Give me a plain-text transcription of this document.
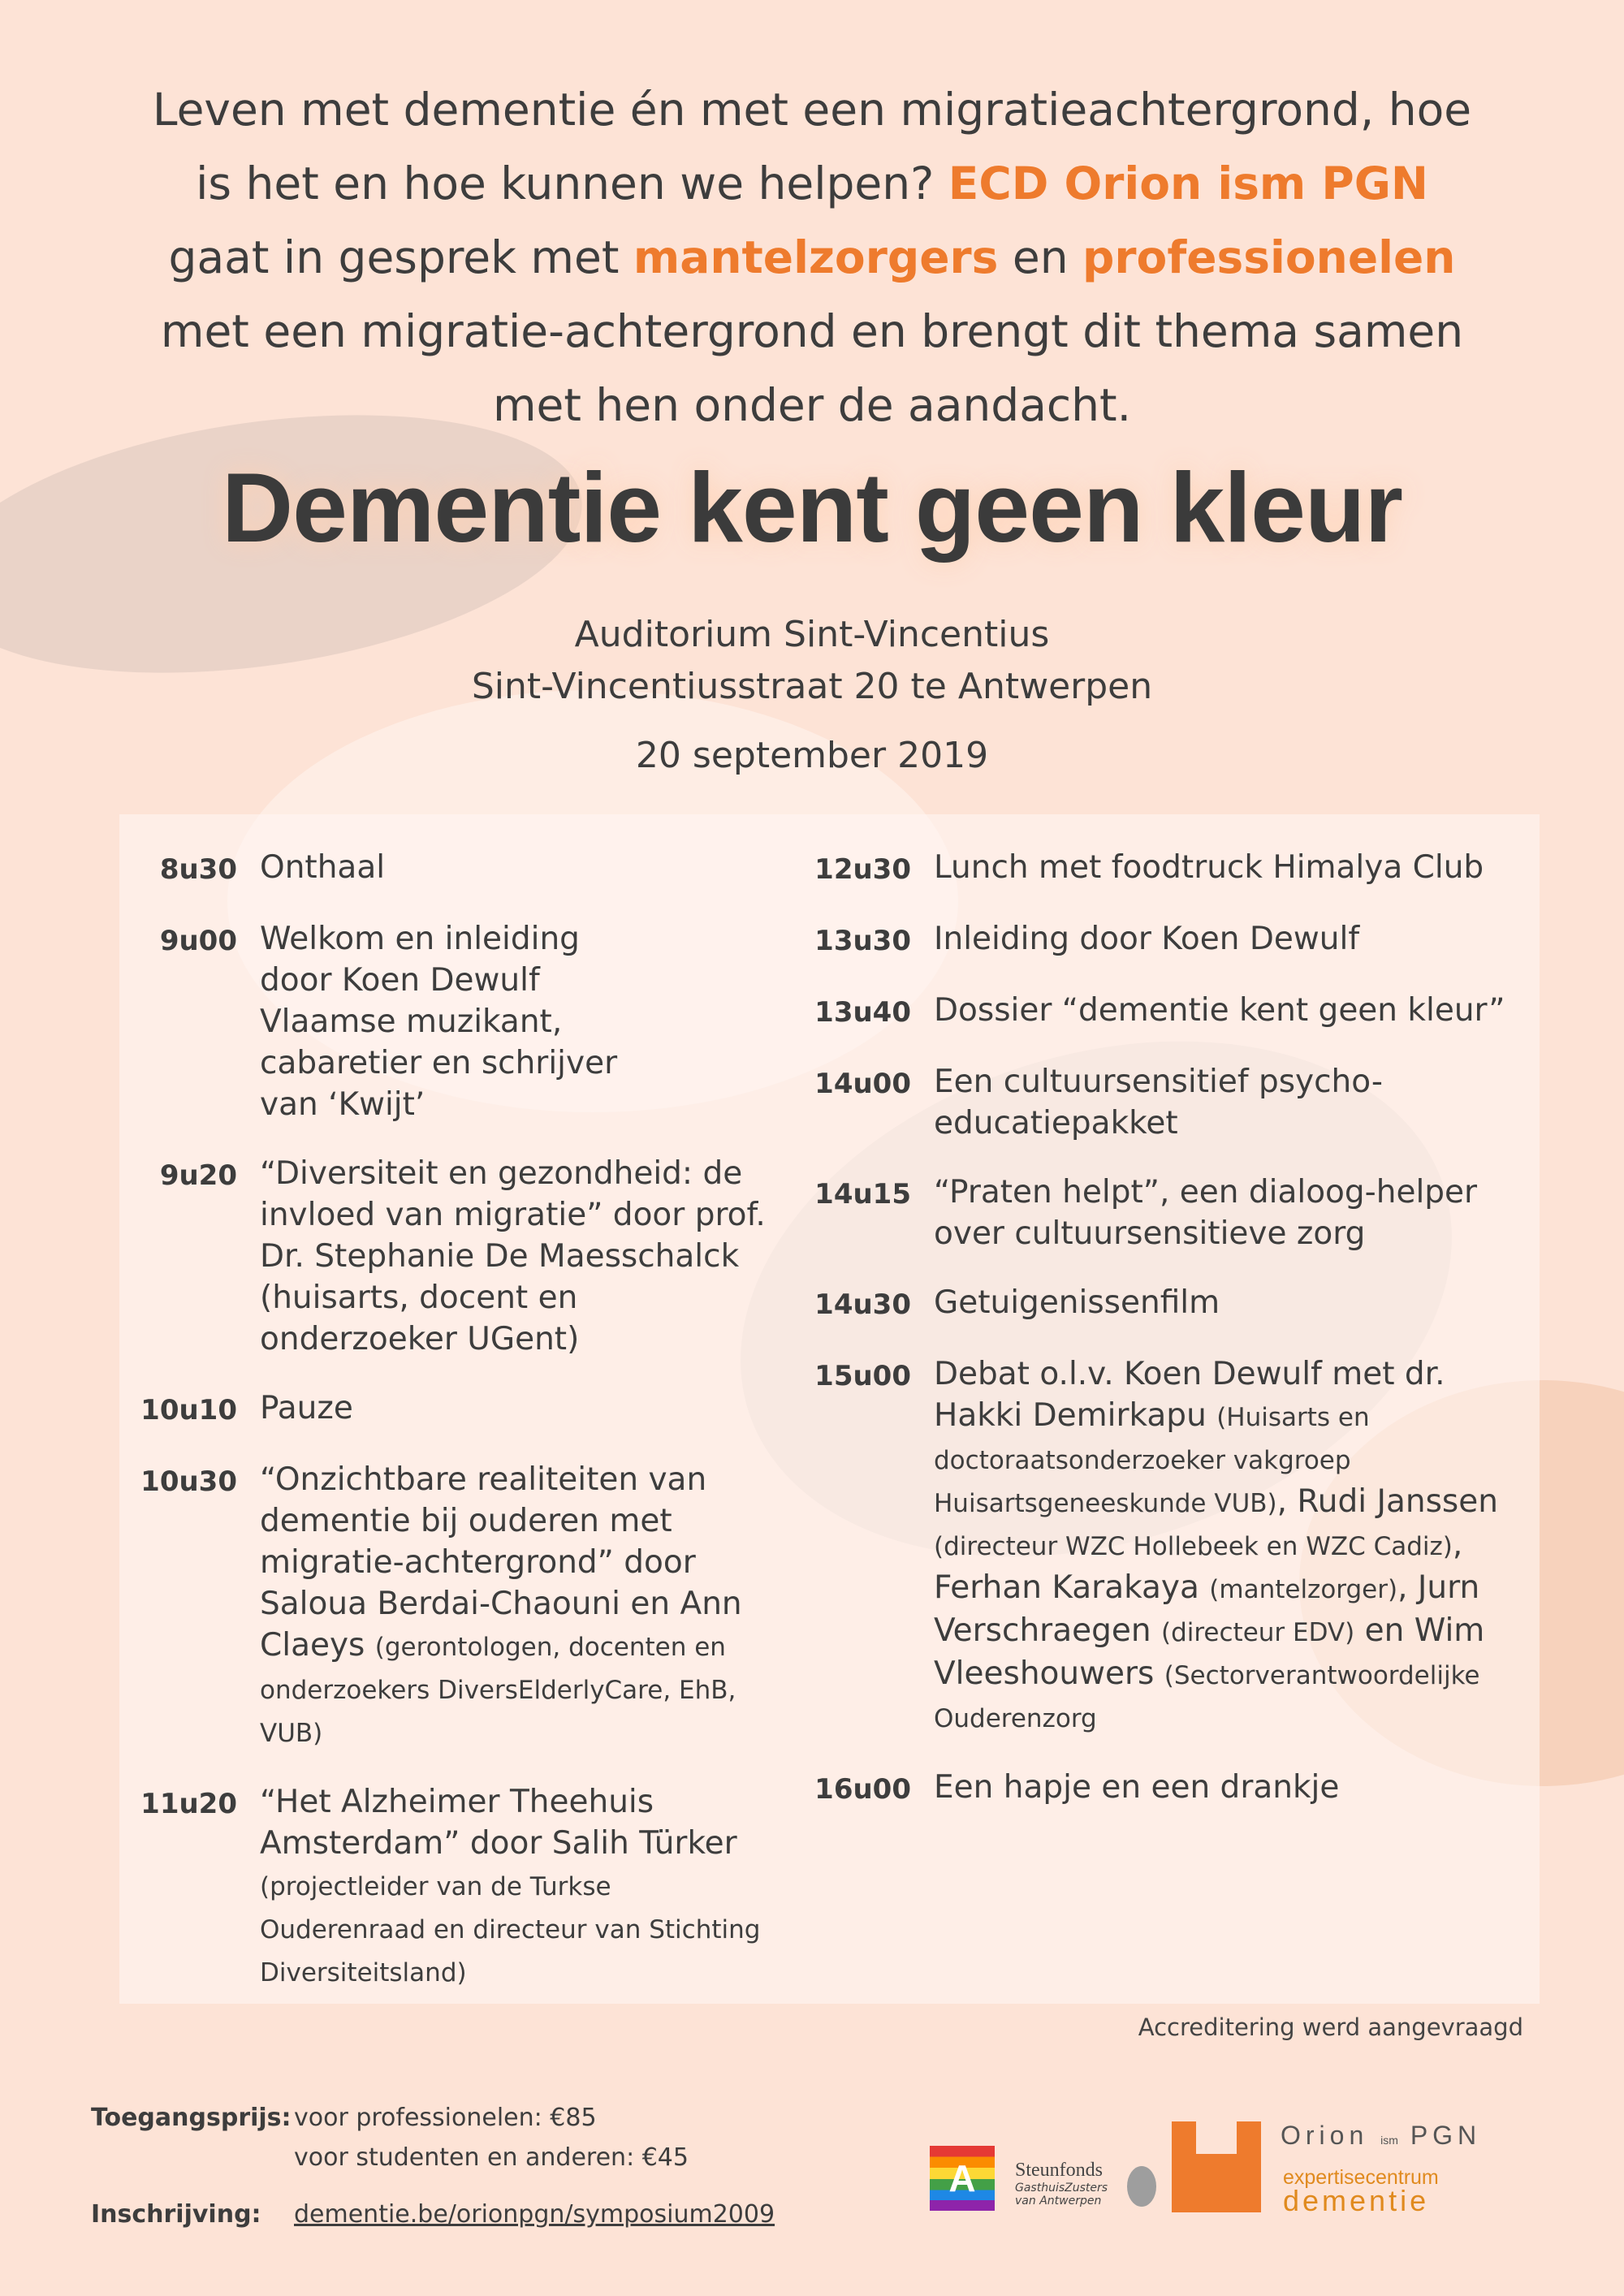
Leven met dementie én met een migratieachtergrond, hoe is het en hoe kunnen we helpen? ECD Orion ism PGN gaat in gesprek met mantelzorgers en professionelen met een migratie-achtergrond en brengt dit thema samen met hen onder de aandacht.
Dementie kent geen kleur
Auditorium Sint-Vincentius
Sint-Vincentiusstraat 20 te Antwerpen
20 september 2019
8u30 Onthaal
9u00 Welkom en inleiding door Koen Dewulf Vlaamse muzikant, cabaretier en schrijver van ‘Kwijt’
9u20 “Diversiteit en gezondheid: de invloed van migratie” door prof. Dr. Stephanie De Maesschalck (huisarts, docent en onderzoeker UGent)
10u10 Pauze
10u30 “Onzichtbare realiteiten van dementie bij ouderen met migratie-achtergrond” door Saloua Berdai-Chaouni en Ann Claeys (gerontologen, docenten en onderzoekers DiversElderlyCare, EhB, VUB)
11u20 “Het Alzheimer Theehuis Amsterdam” door Salih Türker (projectleider van de Turkse Ouderenraad en directeur van Stichting Diversiteitsland)
12u30 Lunch met foodtruck Himalya Club
13u30 Inleiding door Koen Dewulf
13u40 Dossier “dementie kent geen kleur”
14u00 Een cultuursensitief psycho-educatiepakket
14u15 “Praten helpt”, een dialoog-helper over cultuursensitieve zorg
14u30 Getuigenissenfilm
15u00 Debat o.l.v. Koen Dewulf met dr. Hakki Demirkapu (Huisarts en doctoraatsonderzoeker vakgroep Huisartsgeneeskunde VUB), Rudi Janssen (directeur WZC Hollebeek en WZC Cadiz), Ferhan Karakaya (mantelzorger), Jurn Verschraegen (directeur EDV) en Wim Vleeshouwers (Sectorverantwoordelijke Ouderenzorg
16u00 Een hapje en een drankje
Accreditering werd aangevraagd
Toegangsprijs: voor professionelen: €85
voor studenten en anderen: €45
Inschrijving: dementie.be/orionpgn/symposium2009
A Steunfonds
GasthuisZusters
van Antwerpen
Orion ism PGN
expertisecentrum
dementie
